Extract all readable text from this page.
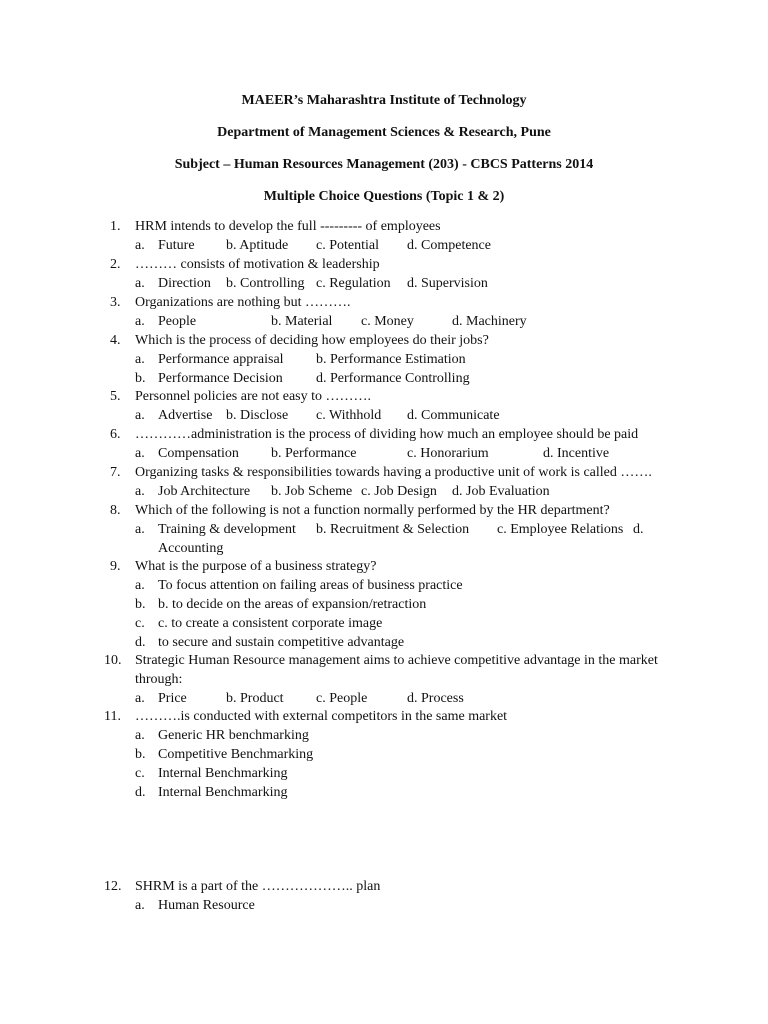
MAEER’s Maharashtra Institute of Technology
Department of Management Sciences & Research, Pune
Subject – Human Resources Management (203) - CBCS Patterns 2014
Multiple Choice Questions (Topic 1 & 2)
1.	HRM intends to develop the full --------- of employees
a. Future b. Aptitude c. Potential d. Competence
2.	……… consists of motivation & leadership
a. Direction b. Controlling c. Regulation d. Supervision
3.	Organizations are nothing but ……….
a. People	b. Material c. Money	d. Machinery
4.	Which is the process of deciding how employees do their jobs?
a. Performance appraisal b. Performance Estimation
b. Performance Decision d. Performance Controlling
5.	Personnel policies are not easy to ……….
a. Advertise b. Disclose c. Withhold d. Communicate
6.	…………administration is the process of dividing how much an employee should be paid
a. Compensation b. Performance	c. Honorarium	d. Incentive
7.	Organizing tasks & responsibilities towards having a productive unit of work is called …….
a. Job Architecture b. Job Scheme c. Job Design d. Job Evaluation
8.	Which of the following is not a function normally performed by the HR department?
a. Training & development b. Recruitment & Selection c. Employee Relations d.
Accounting
9.	What is the purpose of a business strategy?
a. To focus attention on failing areas of business practice
b. b. to decide on the areas of expansion/retraction
c. c. to create a consistent corporate image
d. to secure and sustain competitive advantage
10. Strategic Human Resource management aims to achieve competitive advantage in the market
through:
a. Price	b. Product c. People	d. Process
11.	……….is conducted with external competitors in the same market
a. Generic HR benchmarking
b. Competitive Benchmarking
c. Internal Benchmarking
d. Internal Benchmarking
12. SHRM is a part of the ……………….. plan
a. Human Resource
